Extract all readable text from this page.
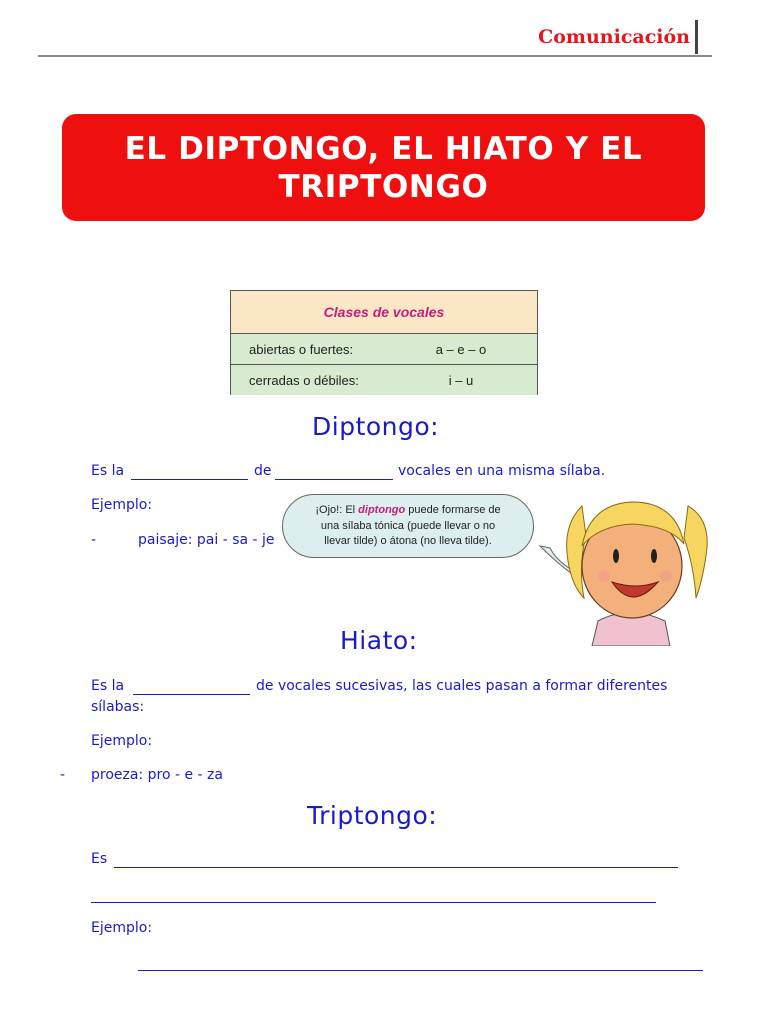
Comunicación
EL DIPTONGO, EL HIATO Y EL
TRIPTONGO
Clases de vocales
abiertas o fuertes:	a – e – o
cerradas o débiles:	i – u
Diptongo:
Es la	de	vocales en una misma sílaba.
Ejemplo:
-	paisaje: pai - sa - je
¡Ojo!: El diptongo puede formarse de
una sílaba tónica (puede llevar o no
llevar tilde) o átona (no lleva tilde).
Hiato:
Es la	de vocales sucesivas, las cuales pasan a formar diferentes
sílabas:
Ejemplo:
- proeza: pro - e - za
Triptongo:
Es
Ejemplo:
